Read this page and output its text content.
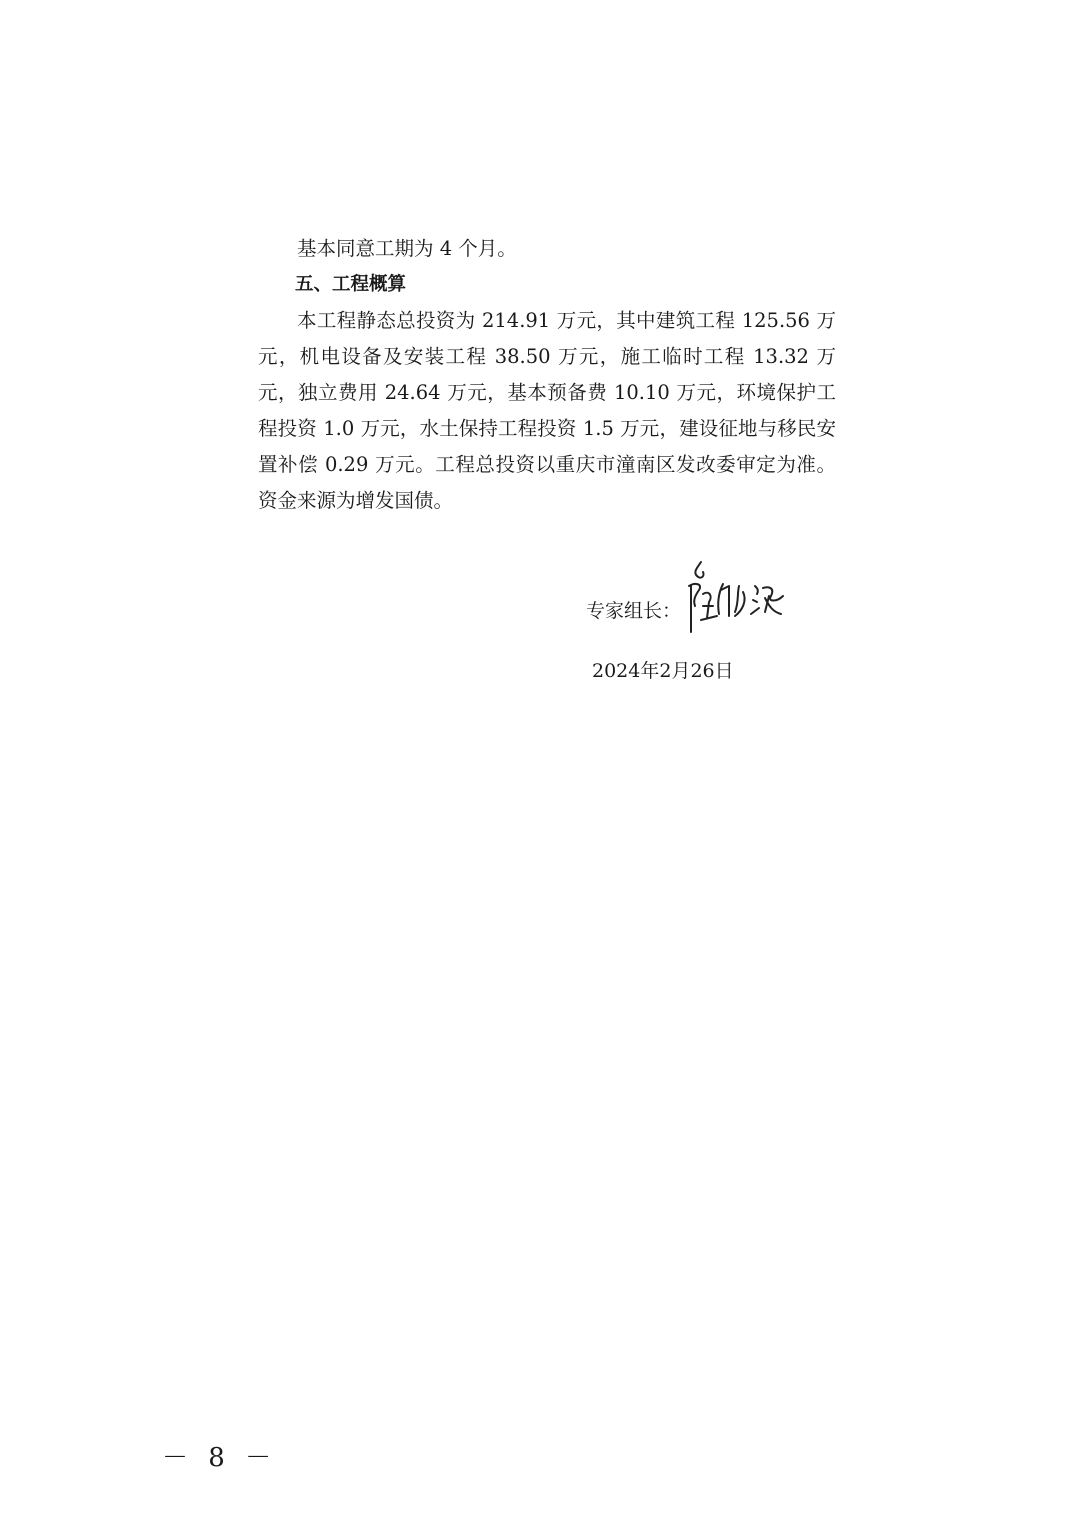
基本同意工期为 4 个月。

五、工程概算

本工程静态总投资为 214.91 万元，其中建筑工程 125.56 万元，机电设备及安装工程 38.50 万元，施工临时工程 13.32 万元，独立费用 24.64 万元，基本预备费 10.10 万元，环境保护工程投资 1.0 万元，水土保持工程投资 1.5 万元，建设征地与移民安置补偿 0.29 万元。工程总投资以重庆市潼南区发改委审定为准。资金来源为增发国债。

专家组长：
2024年2月26日
－ 8 －
